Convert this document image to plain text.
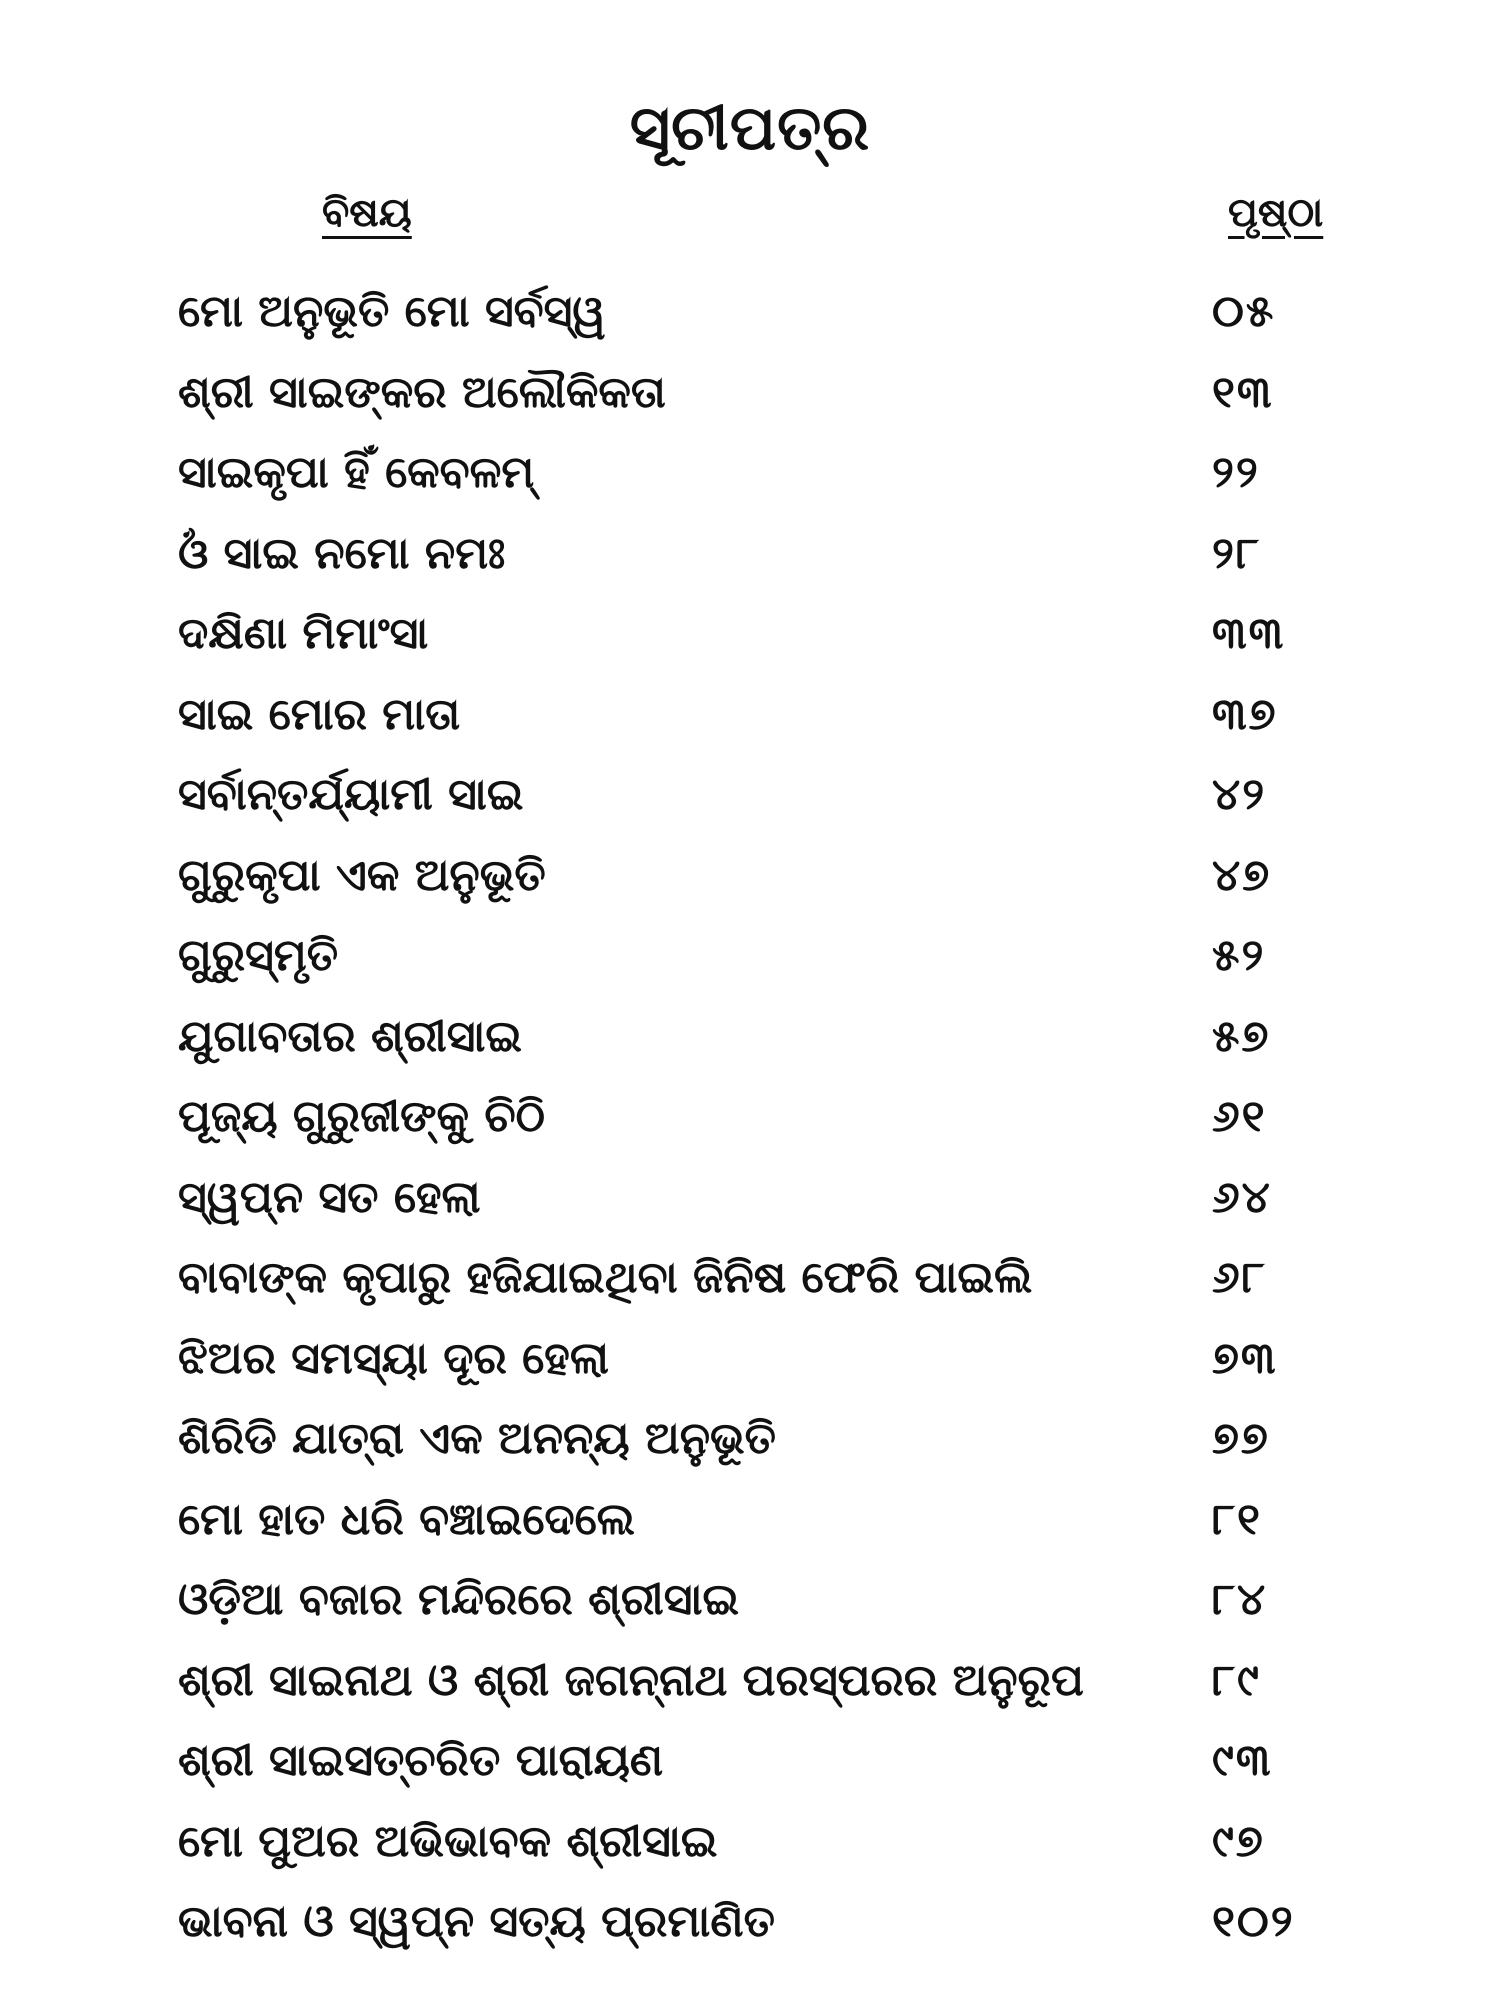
ସୂଚୀପତ୍ର
ବିଷୟ	ପୃଷ୍ଠା
ମୋ ଅନୁଭୂତି ମୋ ସର୍ବସ୍ୱ	୦୫
ଶ୍ରୀ ସାଇଙ୍କର ଅଲୌକିକତା	୧୩
ସାଇକୃପା ହିଁ କେବଳମ୍	୨୨
ଓଁ ସାଇ ନମୋ ନମଃ	୨୮
ଦକ୍ଷିଣା ମିମାଂସା	୩୩
ସାଇ ମୋର ମାତା	୩୭
ସର୍ବାନ୍ତର୍ଯ୍ୟାମୀ ସାଇ	୪୨
ଗୁରୁକୃପା ଏକ ଅନୁଭୂତି	୪୭
ଗୁରୁସ୍ମୃତି	୫୨
ଯୁଗାବତାର ଶ୍ରୀସାଇ	୫୭
ପୂଜ୍ୟ ଗୁରୁଜୀଙ୍କୁ ଚିଠି	୬୧
ସ୍ୱପ୍ନ ସତ ହେଲା	୬୪
ବାବାଙ୍କ କୃପାରୁ ହଜିଯାଇଥିବା ଜିନିଷ ଫେରି ପାଇଲି	୬୮
ଝିଅର ସମସ୍ୟା ଦୂର ହେଲା	୭୩
ଶିରିଡି ଯାତ୍ରା ଏକ ଅନନ୍ୟ ଅନୁଭୂତି	୭୭
ମୋ ହାତ ଧରି ବଞ୍ଚାଇଦେଲେ	୮୧
ଓଡ଼ିଆ ବଜାର ମନ୍ଦିରରେ ଶ୍ରୀସାଇ	୮୪
ଶ୍ରୀ ସାଇନାଥ ଓ ଶ୍ରୀ ଜଗନ୍ନାଥ ପରସ୍ପରର ଅନୁରୂପ	୮୯
ଶ୍ରୀ ସାଇସତ୍‌ଚରିତ ପାରାୟଣ	୯୩
ମୋ ପୁଅର ଅଭିଭାବକ ଶ୍ରୀସାଇ	୯୭
ଭାବନା ଓ ସ୍ୱପ୍ନ ସତ୍ୟ ପ୍ରମାଣିତ	୧୦୨
